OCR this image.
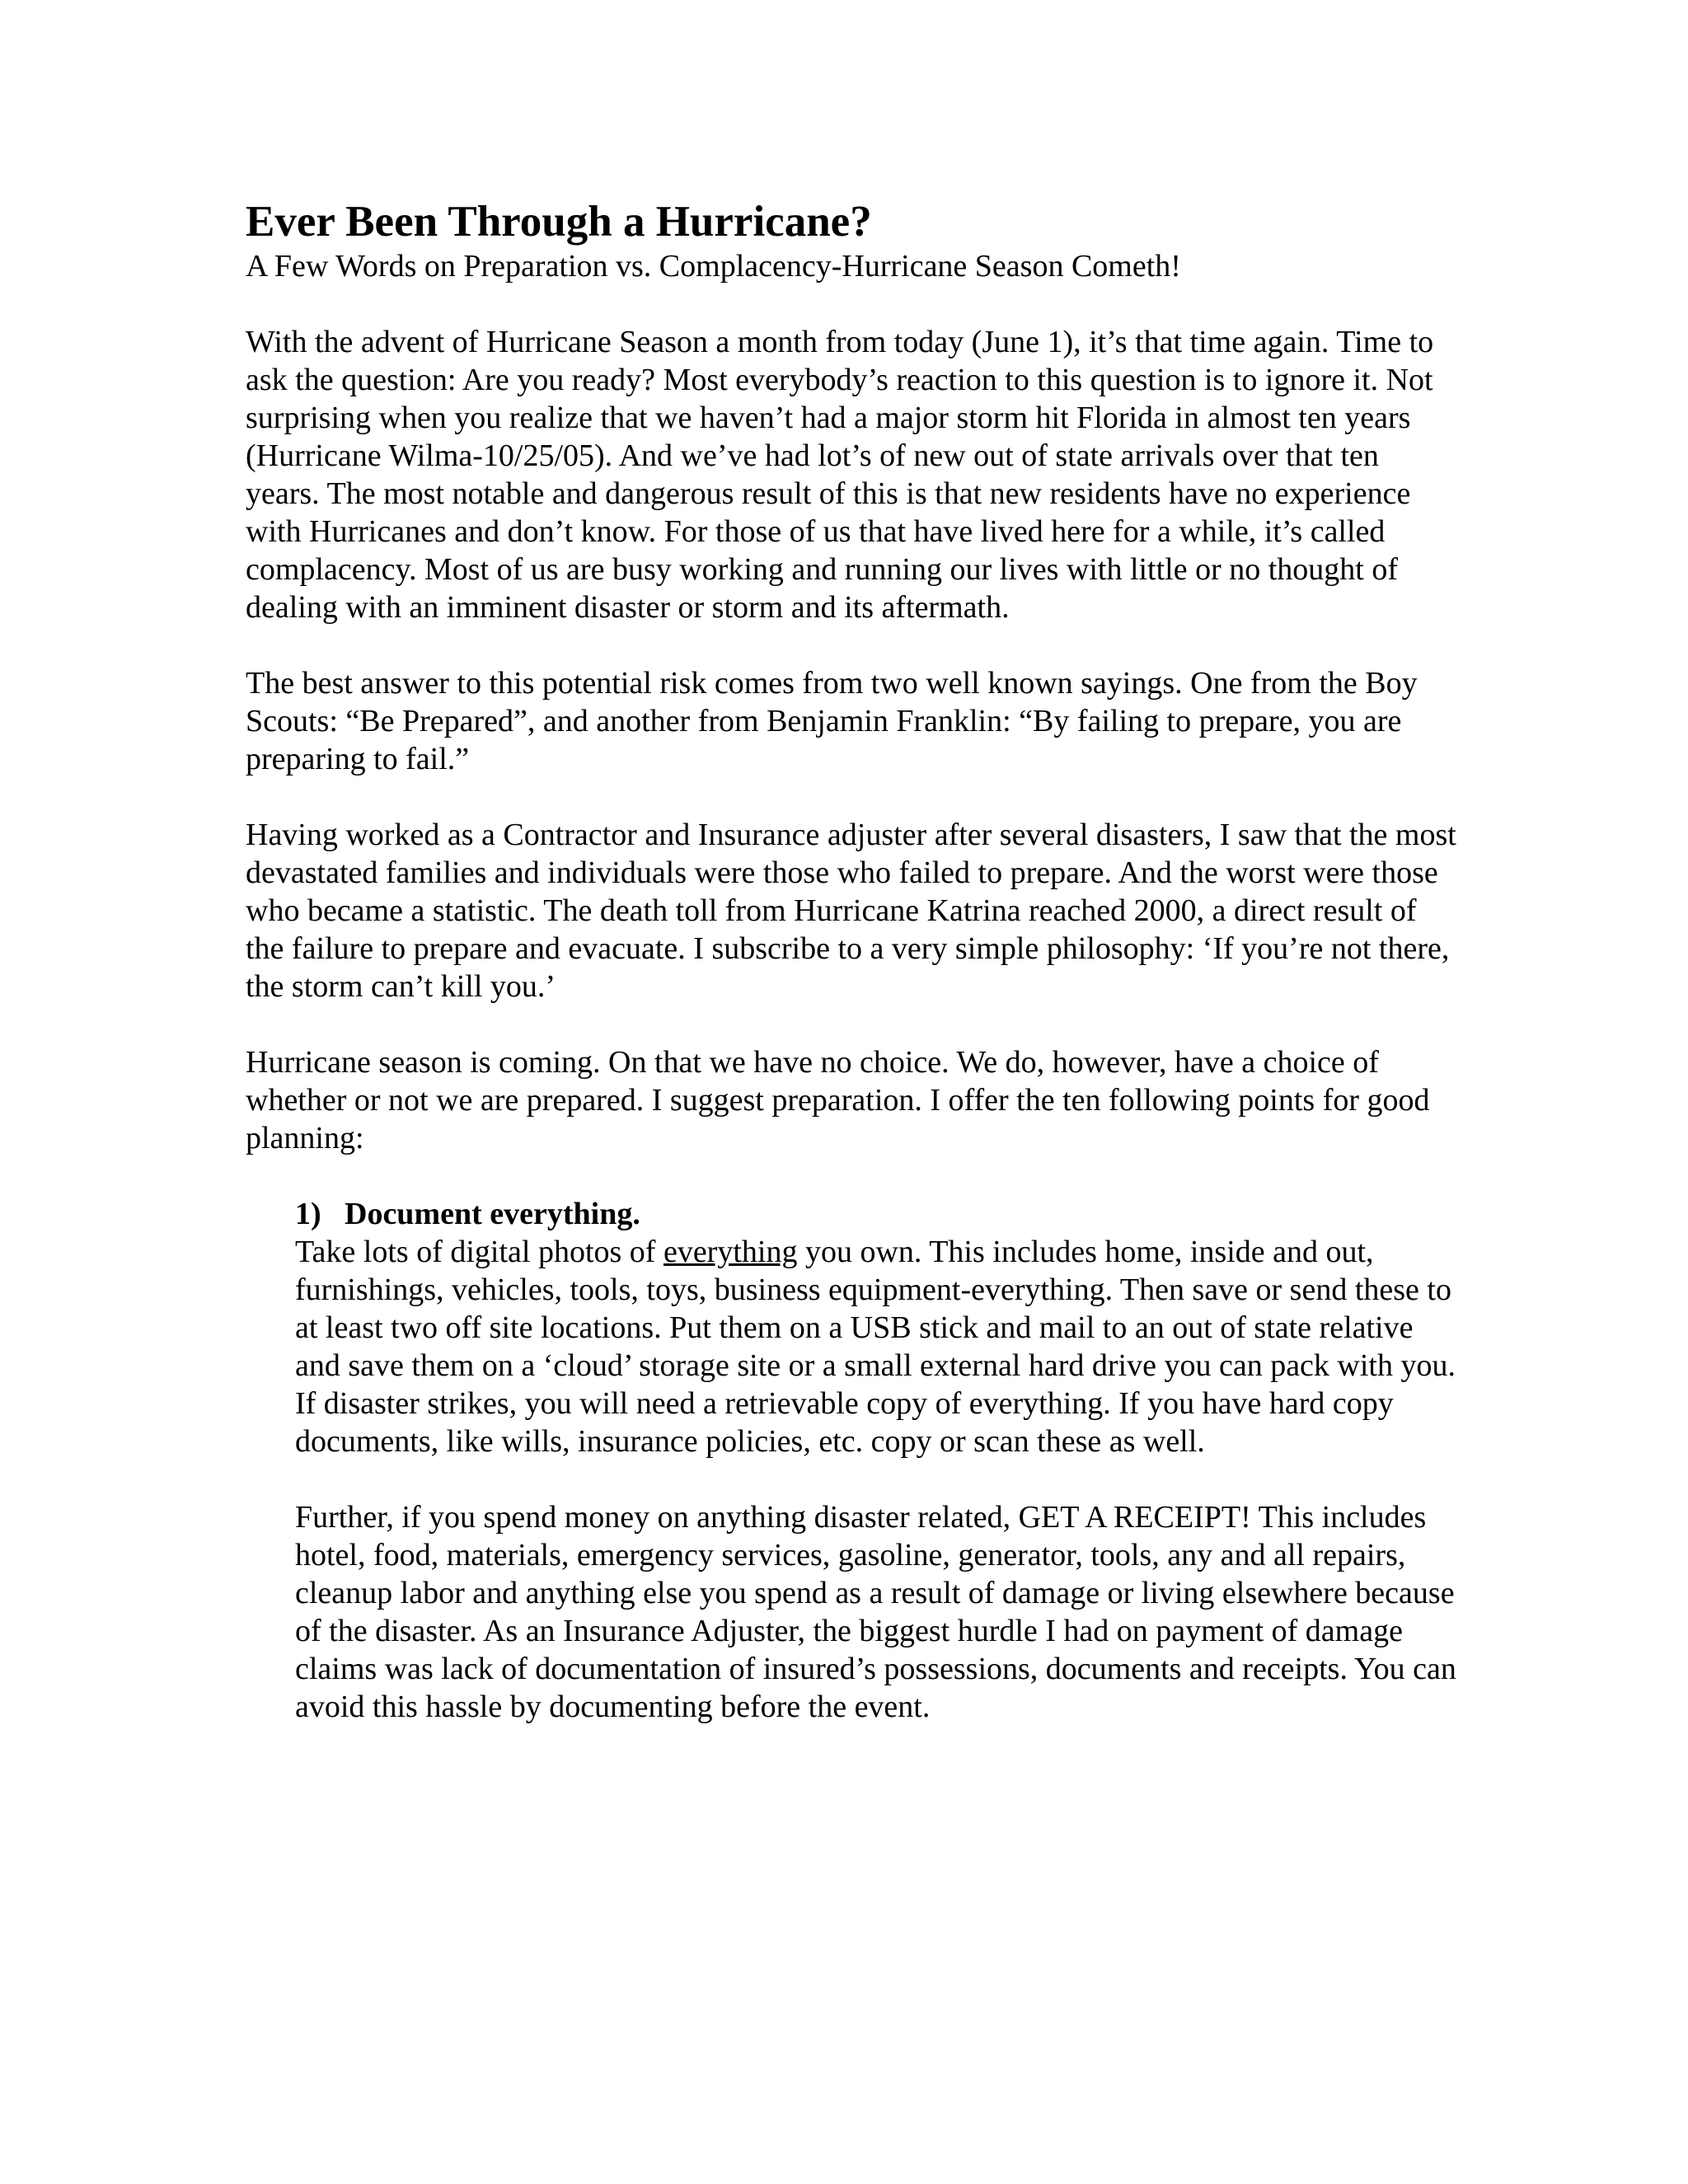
Ever Been Through a Hurricane?

A Few Words on Preparation vs. Complacency-Hurricane Season Cometh!

With the advent of Hurricane Season a month from today (June 1), it’s that time again. Time to ask the question: Are you ready? Most everybody’s reaction to this question is to ignore it. Not surprising when you realize that we haven’t had a major storm hit Florida in almost ten years (Hurricane Wilma-10/25/05). And we’ve had lot’s of new out of state arrivals over that ten years. The most notable and dangerous result of this is that new residents have no experience with Hurricanes and don’t know. For those of us that have lived here for a while, it’s called complacency. Most of us are busy working and running our lives with little or no thought of dealing with an imminent disaster or storm and its aftermath.

The best answer to this potential risk comes from two well known sayings. One from the Boy Scouts: “Be Prepared”, and another from Benjamin Franklin: “By failing to prepare, you are preparing to fail.”

Having worked as a Contractor and Insurance adjuster after several disasters, I saw that the most devastated families and individuals were those who failed to prepare. And the worst were those who became a statistic. The death toll from Hurricane Katrina reached 2000, a direct result of the failure to prepare and evacuate. I subscribe to a very simple philosophy: ‘If you’re not there, the storm can’t kill you.’

Hurricane season is coming. On that we have no choice. We do, however, have a choice of whether or not we are prepared. I suggest preparation. I offer the ten following points for good planning:

1) Document everything.

Take lots of digital photos of everything you own. This includes home, inside and out, furnishings, vehicles, tools, toys, business equipment-everything. Then save or send these to at least two off site locations. Put them on a USB stick and mail to an out of state relative and save them on a ‘cloud’ storage site or a small external hard drive you can pack with you. If disaster strikes, you will need a retrievable copy of everything. If you have hard copy documents, like wills, insurance policies, etc. copy or scan these as well.

Further, if you spend money on anything disaster related, GET A RECEIPT! This includes hotel, food, materials, emergency services, gasoline, generator, tools, any and all repairs, cleanup labor and anything else you spend as a result of damage or living elsewhere because of the disaster. As an Insurance Adjuster, the biggest hurdle I had on payment of damage claims was lack of documentation of insured’s possessions, documents and receipts. You can avoid this hassle by documenting before the event.
